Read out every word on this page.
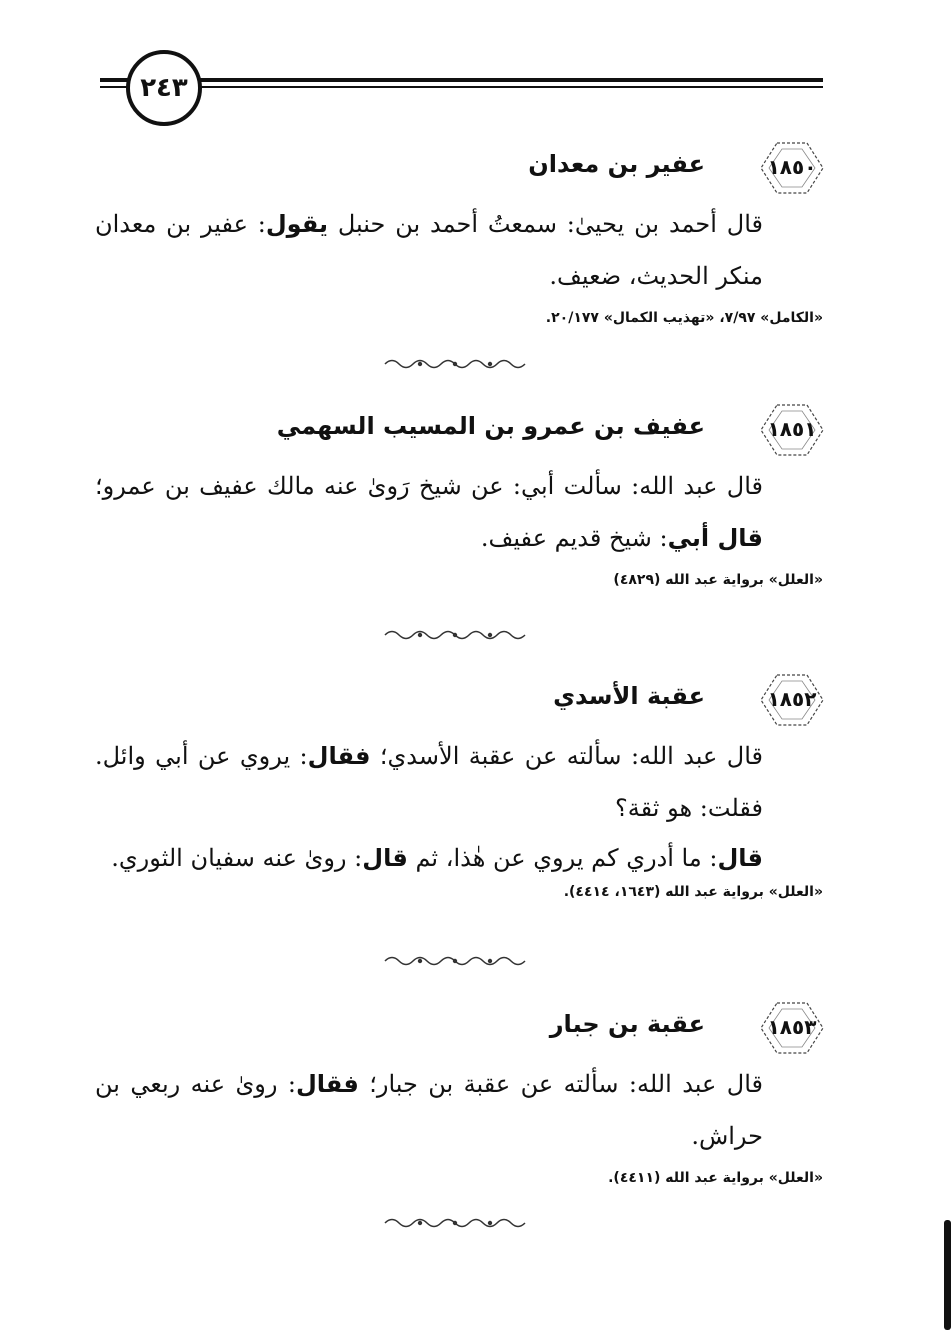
٢٤٣
١٨٥٠
عفير بن معدان

قال أحمد بن يحيىٰ: سمعتُ أحمد بن حنبل يقول: عفير بن معدان منكر الحديث، ضعيف.

«الكامل» ٧/٩٧، «تهذيب الكمال» ٢٠/١٧٧.
١٨٥١
عفيف بن عمرو بن المسيب السهمي

قال عبد الله: سألت أبي: عن شيخ رَوىٰ عنه مالك عفيف بن عمرو؛ قال أبي: شيخ قديم عفيف.

«العلل» برواية عبد الله (٤٨٢٩)
١٨٥٢
عقبة الأسدي

قال عبد الله: سألته عن عقبة الأسدي؛ فقال: يروي عن أبي وائل. فقلت: هو ثقة؟

قال: ما أدري كم يروي عن هٰذا، ثم قال: روىٰ عنه سفيان الثوري.

«العلل» برواية عبد الله (١٦٤٣، ٤٤١٤).
١٨٥٣
عقبة بن جبار

قال عبد الله: سألته عن عقبة بن جبار؛ فقال: روىٰ عنه ربعي بن حراش.

«العلل» برواية عبد الله (٤٤١١).
